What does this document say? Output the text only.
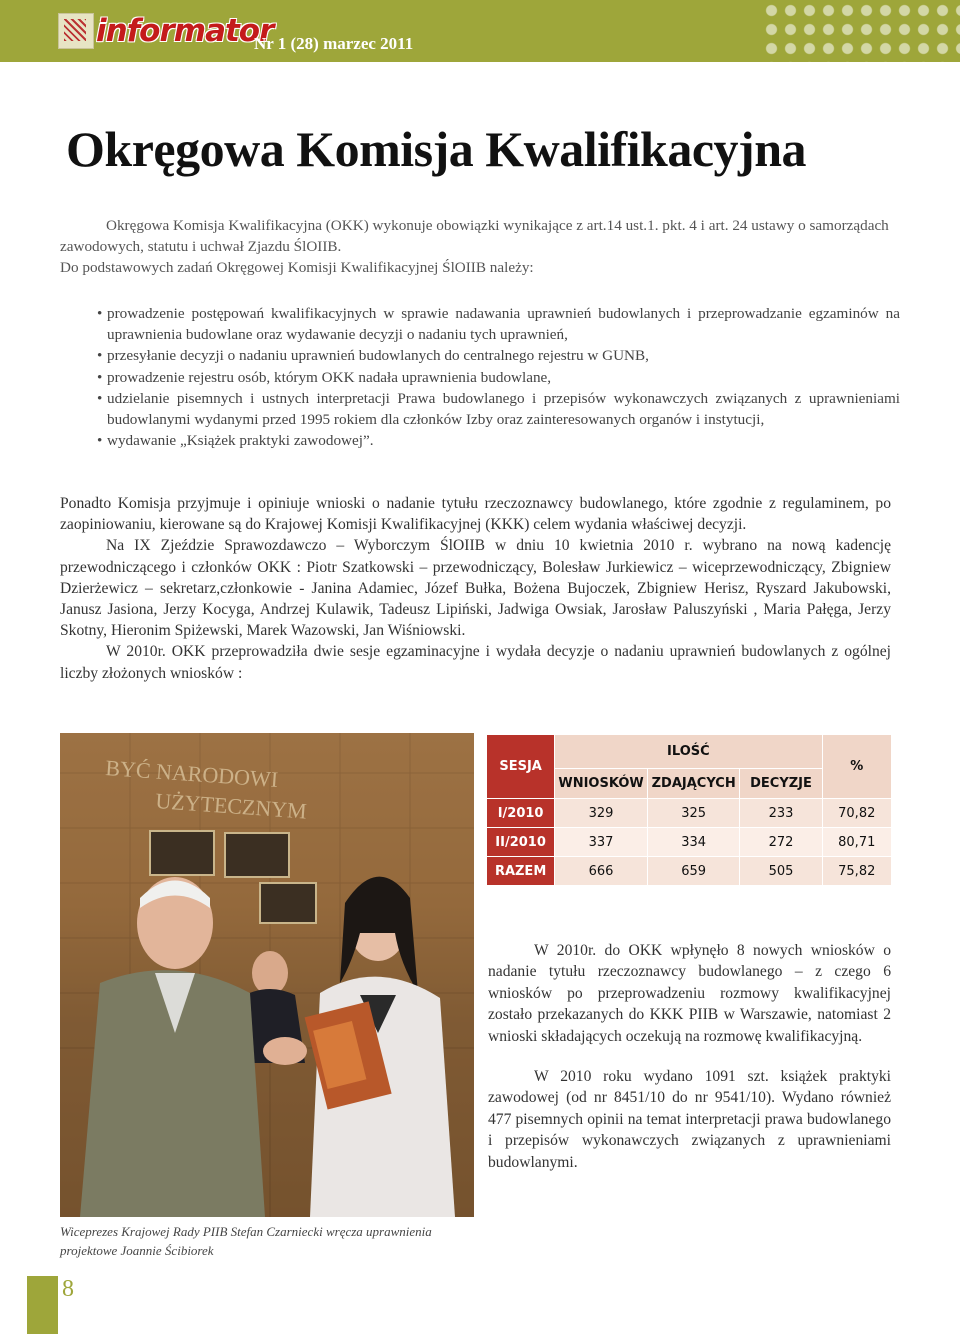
informator
Nr 1 (28) marzec 2011
Okręgowa Komisja Kwalifikacyjna

Okręgowa Komisja Kwalifikacyjna (OKK) wykonuje obowiązki wynikające z art.14 ust.1. pkt. 4 i art. 24 ustawy o samorządach zawodowych, statutu i uchwał Zjazdu ŚlOIIB.

Do podstawowych zadań Okręgowej Komisji Kwalifikacyjnej ŚlOIIB należy:

• prowadzenie postępowań kwalifikacyjnych w sprawie nadawania uprawnień budowlanych i przeprowadzanie egzaminów na uprawnienia budowlane oraz wydawanie decyzji o nadaniu tych uprawnień,
• przesyłanie decyzji o nadaniu uprawnień budowlanych do centralnego rejestru w GUNB,
• prowadzenie rejestru osób, którym OKK nadała uprawnienia budowlane,
• udzielanie pisemnych i ustnych interpretacji Prawa budowlanego i przepisów wykonawczych związanych z uprawnieniami budowlanymi wydanymi przed 1995 rokiem dla członków Izby oraz zainteresowanych organów i instytucji,
• wydawanie „Książek praktyki zawodowej”.

Ponadto Komisja przyjmuje i opiniuje wnioski o nadanie tytułu rzeczoznawcy budowlanego, które zgodnie z regulaminem, po zaopiniowaniu, kierowane są do Krajowej Komisji Kwalifikacyjnej (KKK) celem wydania właściwej decyzji.

Na IX Zjeździe Sprawozdawczo – Wyborczym ŚlOIIB w dniu 10 kwietnia 2010 r. wybrano na nową kadencję przewodniczącego i członków OKK : Piotr Szatkowski – przewodniczący, Bolesław Jurkiewicz – wiceprzewodniczący, Zbigniew Dzierżewicz – sekretarz,członkowie - Janina Adamiec, Józef Bułka, Bożena Bujoczek, Zbigniew Herisz, Ryszard Jakubowski, Janusz Jasiona, Jerzy Kocyga, Andrzej Kulawik, Tadeusz Lipiński, Jadwiga Owsiak, Jarosław Paluszyński , Maria Pałęga, Jerzy Skotny, Hieronim Spiżewski, Marek Wazowski, Jan Wiśniowski.

W 2010r. OKK przeprowadziła dwie sesje egzaminacyjne i wydała decyzje o nadaniu uprawnień budowlanych z ogólnej liczby złożonych wniosków :

BYĆ NARODOWI
UŻYTECZNYM
Wiceprezes Krajowej Rady PIIB Stefan Czarniecki wręcza uprawnienia projektowe Joannie Ścibiorek
SESJA	ILOŚĆ			%
	WNIOSKÓW	ZDAJĄCYCH	DECYZJE	
I/2010	329	325	233	70,82
II/2010	337	334	272	80,71
RAZEM	666	659	505	75,82

W 2010r. do OKK wpłynęło 8 nowych wniosków o nadanie tytułu rzeczoznawcy budowlanego – z czego 6 wniosków po przeprowadzeniu rozmowy kwalifikacyjnej zostało przekazanych do KKK PIIB w Warszawie, natomiast 2 wnioski składających oczekują na rozmowę kwalifikacyjną.

W 2010 roku wydano 1091 szt. książek praktyki zawodowej (od nr 8451/10 do nr 9541/10). Wydano również 477 pisemnych opinii na temat interpretacji prawa budowlanego i przepisów wykonawczych związanych z uprawnieniami budowlanymi.

8
